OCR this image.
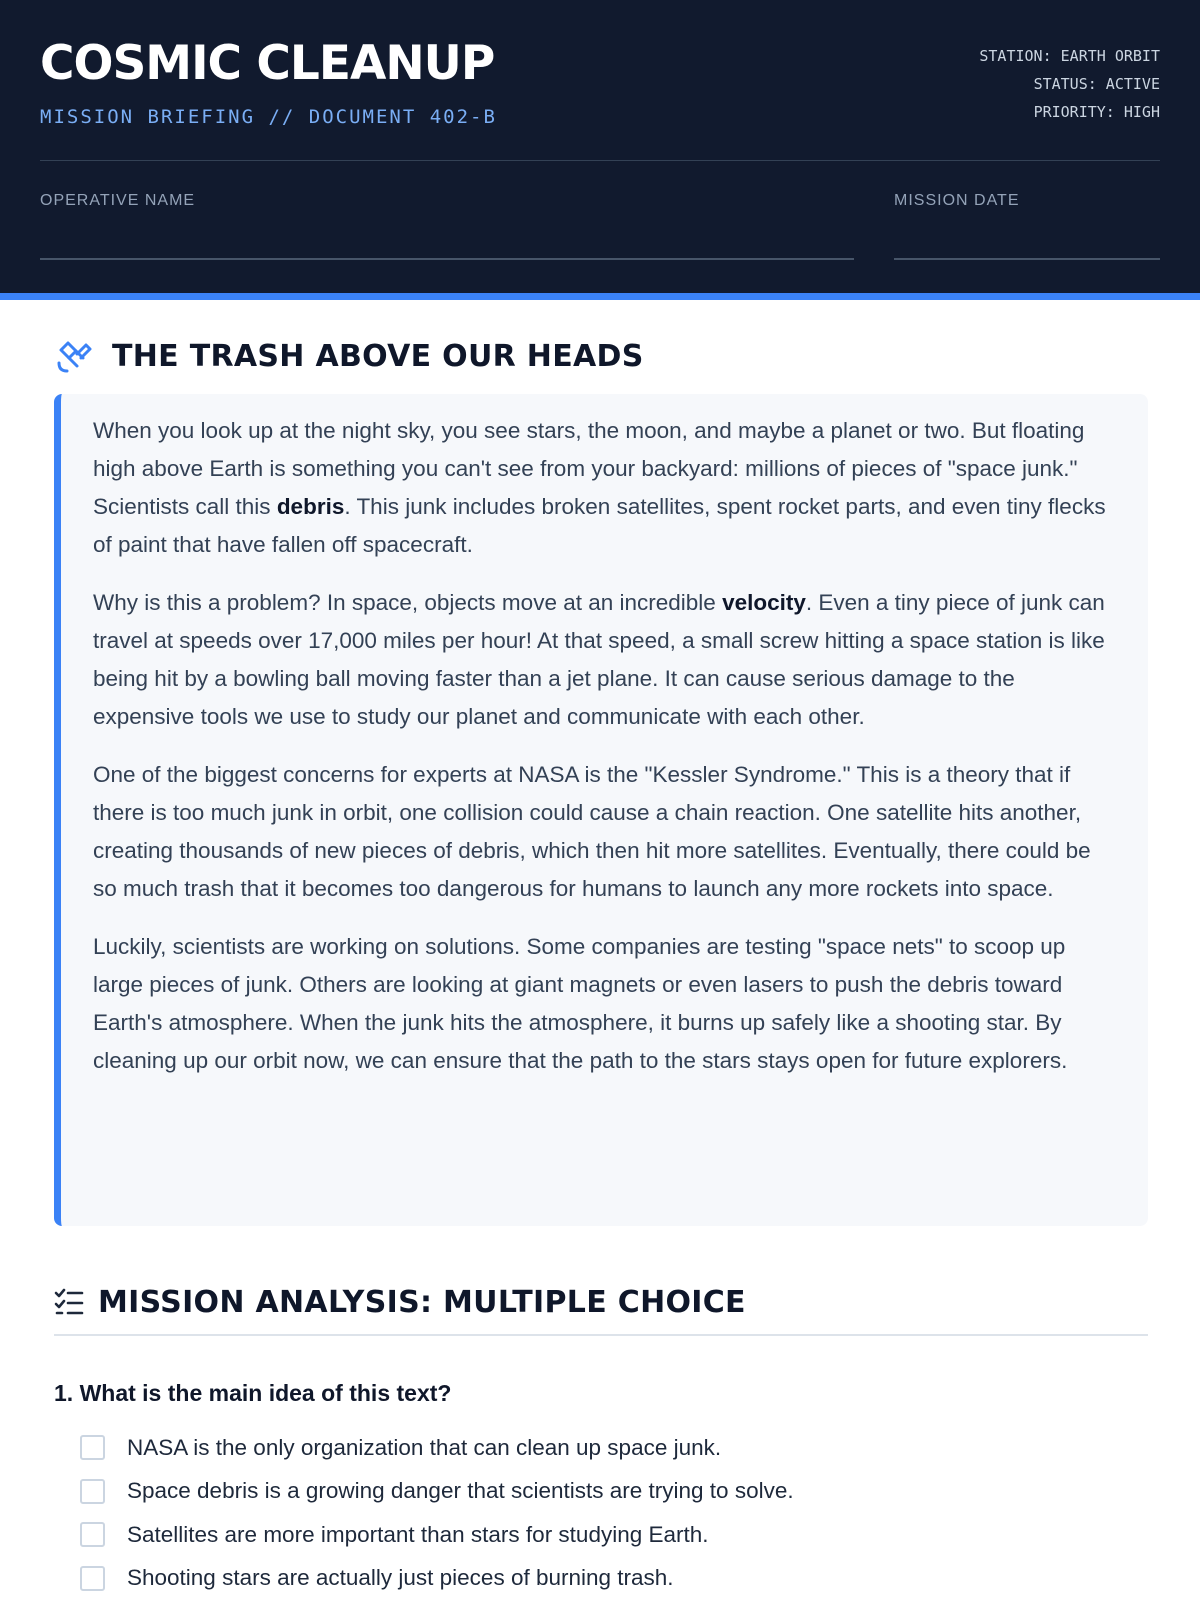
COSMIC CLEANUP
MISSION BRIEFING // DOCUMENT 402-B
STATION: EARTH ORBIT
STATUS: ACTIVE
PRIORITY: HIGH
OPERATIVE NAME	MISSION DATE
THE TRASH ABOVE OUR HEADS

When you look up at the night sky, you see stars, the moon, and maybe a planet or two. But floating high above Earth is something you can't see from your backyard: millions of pieces of "space junk." Scientists call this debris. This junk includes broken satellites, spent rocket parts, and even tiny flecks of paint that have fallen off spacecraft.

Why is this a problem? In space, objects move at an incredible velocity. Even a tiny piece of junk can travel at speeds over 17,000 miles per hour! At that speed, a small screw hitting a space station is like being hit by a bowling ball moving faster than a jet plane. It can cause serious damage to the expensive tools we use to study our planet and communicate with each other.

One of the biggest concerns for experts at NASA is the "Kessler Syndrome." This is a theory that if there is too much junk in orbit, one collision could cause a chain reaction. One satellite hits another, creating thousands of new pieces of debris, which then hit more satellites. Eventually, there could be so much trash that it becomes too dangerous for humans to launch any more rockets into space.

Luckily, scientists are working on solutions. Some companies are testing "space nets" to scoop up large pieces of junk. Others are looking at giant magnets or even lasers to push the debris toward Earth's atmosphere. When the junk hits the atmosphere, it burns up safely like a shooting star. By cleaning up our orbit now, we can ensure that the path to the stars stays open for future explorers.

MISSION ANALYSIS: MULTIPLE CHOICE
1. What is the main idea of this text?
NASA is the only organization that can clean up space junk.
Space debris is a growing danger that scientists are trying to solve.
Satellites are more important than stars for studying Earth.
Shooting stars are actually just pieces of burning trash.
